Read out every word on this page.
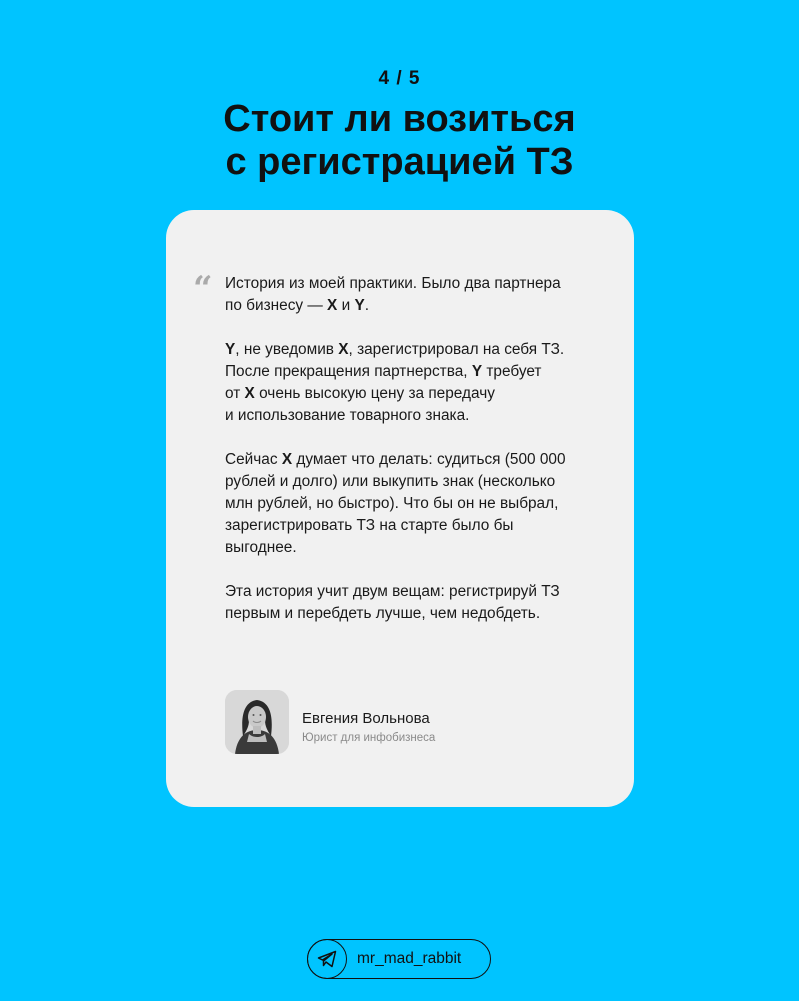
4 / 5
Стоит ли возиться
с регистрацией ТЗ

История из моей практики. Было два партнера
по бизнесу — X и Y.

Y, не уведомив X, зарегистрировал на себя ТЗ.
После прекращения партнерства, Y требует
от X очень высокую цену за передачу
и использование товарного знака.

Сейчас X думает что делать: судиться (500 000
рублей и долго) или выкупить знак (несколько
млн рублей, но быстро). Что бы он не выбрал,
зарегистрировать ТЗ на старте было бы
выгоднее.

Эта история учит двум вещам: регистрируй ТЗ
первым и перебдеть лучше, чем недобдеть.

Евгения Вольнова
Юрист для инфобизнеса
mr_mad_rabbit
